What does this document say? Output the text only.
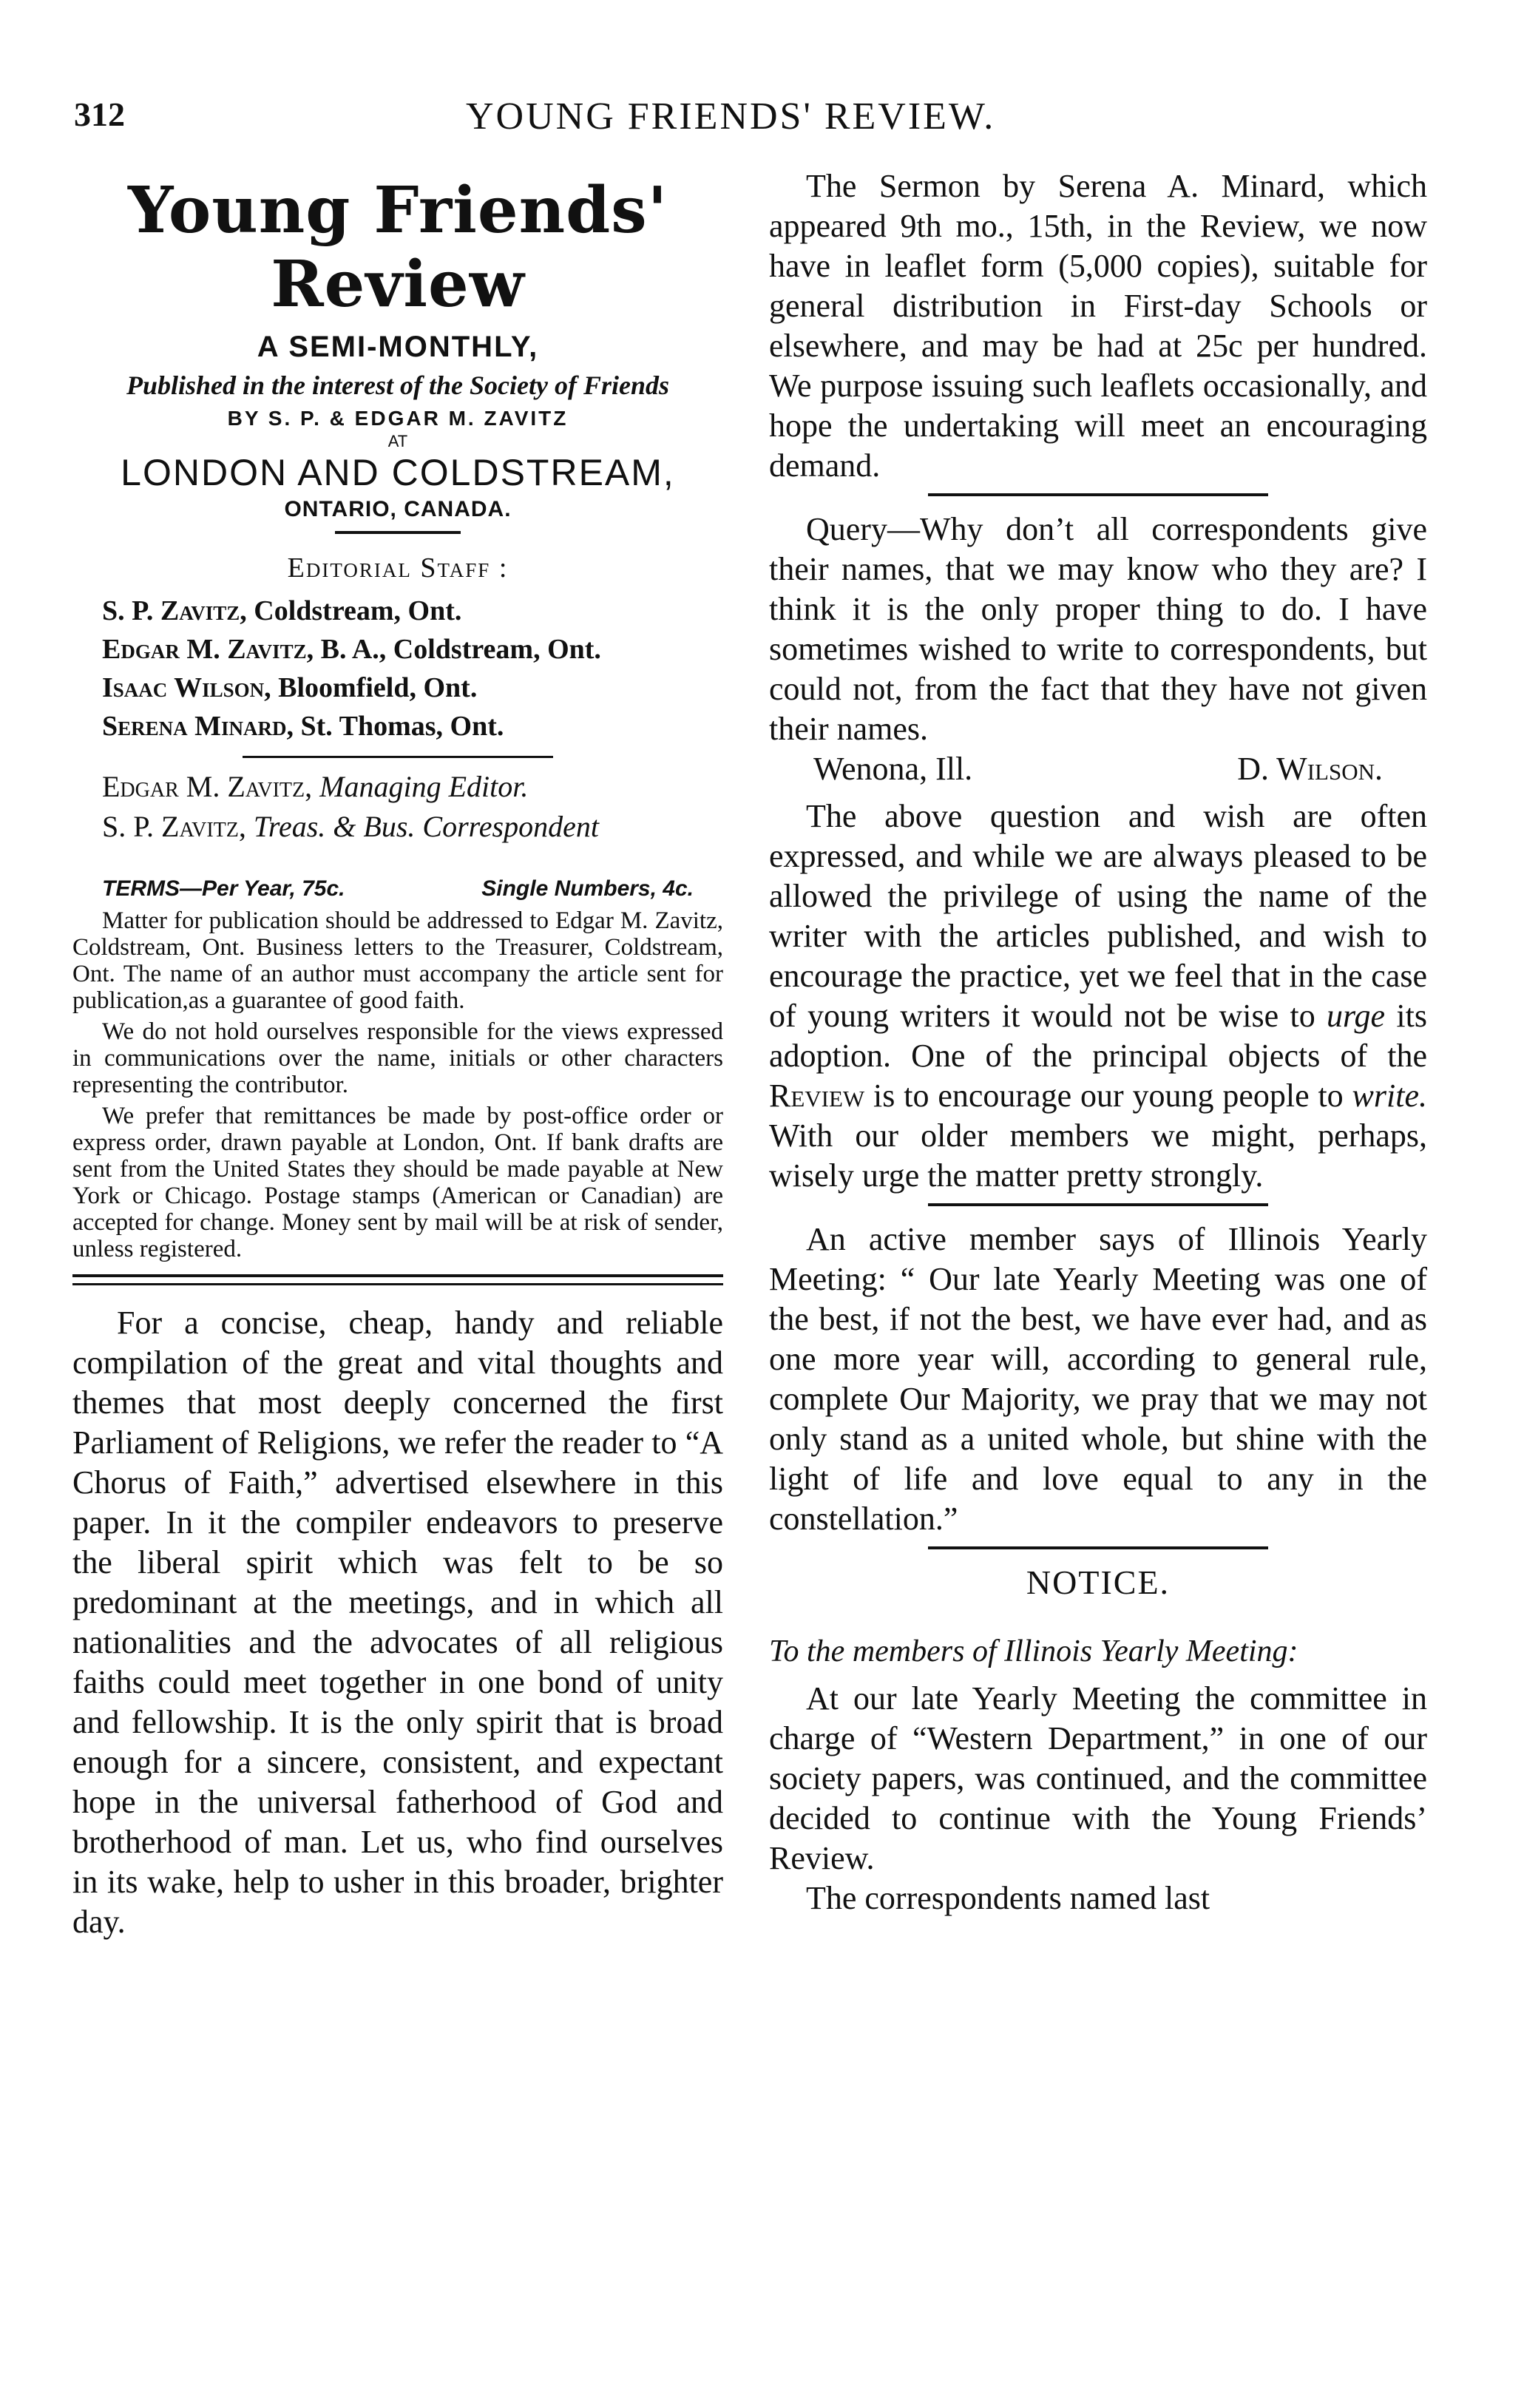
312	YOUNG FRIENDS' REVIEW.
Young Friends' Review
A SEMI-MONTHLY,
Published in the interest of the Society of Friends
BY S. P. & EDGAR M. ZAVITZ
AT
LONDON AND COLDSTREAM,
ONTARIO, CANADA.
Editorial Staff :
S. P. Zavitz, Coldstream, Ont.
Edgar M. Zavitz, B. A., Coldstream, Ont.
Isaac Wilson, Bloomfield, Ont.
Serena Minard, St. Thomas, Ont.
Edgar M. Zavitz, Managing Editor.
S. P. Zavitz, Treas. & Bus. Correspondent
TERMS—Per Year, 75c.	Single Numbers, 4c.

Matter for publication should be addressed to Edgar M. Zavitz, Coldstream, Ont. Business letters to the Treasurer, Coldstream, Ont. The name of an author must accompany the article sent for publication,as a guarantee of good faith.

We do not hold ourselves responsible for the views expressed in communications over the name, initials or other characters representing the contributor.

We prefer that remittances be made by post-office order or express order, drawn payable at London, Ont. If bank drafts are sent from the United States they should be made payable at New York or Chicago. Postage stamps (American or Canadian) are accepted for change. Money sent by mail will be at risk of sender, unless registered.

For a concise, cheap, handy and reliable compilation of the great and vital thoughts and themes that most deeply concerned the first Parliament of Religions, we refer the reader to “A Chorus of Faith,” advertised elsewhere in this paper. In it the compiler endeavors to preserve the liberal spirit which was felt to be so predominant at the meetings, and in which all nationalities and the advocates of all religious faiths could meet together in one bond of unity and fellowship. It is the only spirit that is broad enough for a sincere, consistent, and expectant hope in the universal fatherhood of God and brotherhood of man. Let us, who find ourselves in its wake, help to usher in this broader, brighter day.

The Sermon by Serena A. Minard, which appeared 9th mo., 15th, in the Review, we now have in leaflet form (5,000 copies), suitable for general distribution in First-day Schools or elsewhere, and may be had at 25c per hundred. We purpose issuing such leaflets occasionally, and hope the undertaking will meet an encouraging demand.

Query—Why don’t all correspondents give their names, that we may know who they are? I think it is the only proper thing to do. I have sometimes wished to write to correspondents, but could not, from the fact that they have not given their names.

Wenona, Ill.	D. Wilson.

The above question and wish are often expressed, and while we are always pleased to be allowed the privilege of using the name of the writer with the articles published, and wish to encourage the practice, yet we feel that in the case of young writers it would not be wise to urge its adoption. One of the principal objects of the Review is to encourage our young people to write. With our older members we might, perhaps, wisely urge the matter pretty strongly.

An active member says of Illinois Yearly Meeting: “ Our late Yearly Meeting was one of the best, if not the best, we have ever had, and as one more year will, according to general rule, complete Our Majority, we pray that we may not only stand as a united whole, but shine with the light of life and love equal to any in the constellation.”

NOTICE.
To the members of Illinois Yearly Meeting:

At our late Yearly Meeting the committee in charge of “Western Department,” in one of our society papers, was continued, and the committee decided to continue with the Young Friends’ Review.

The correspondents named last
